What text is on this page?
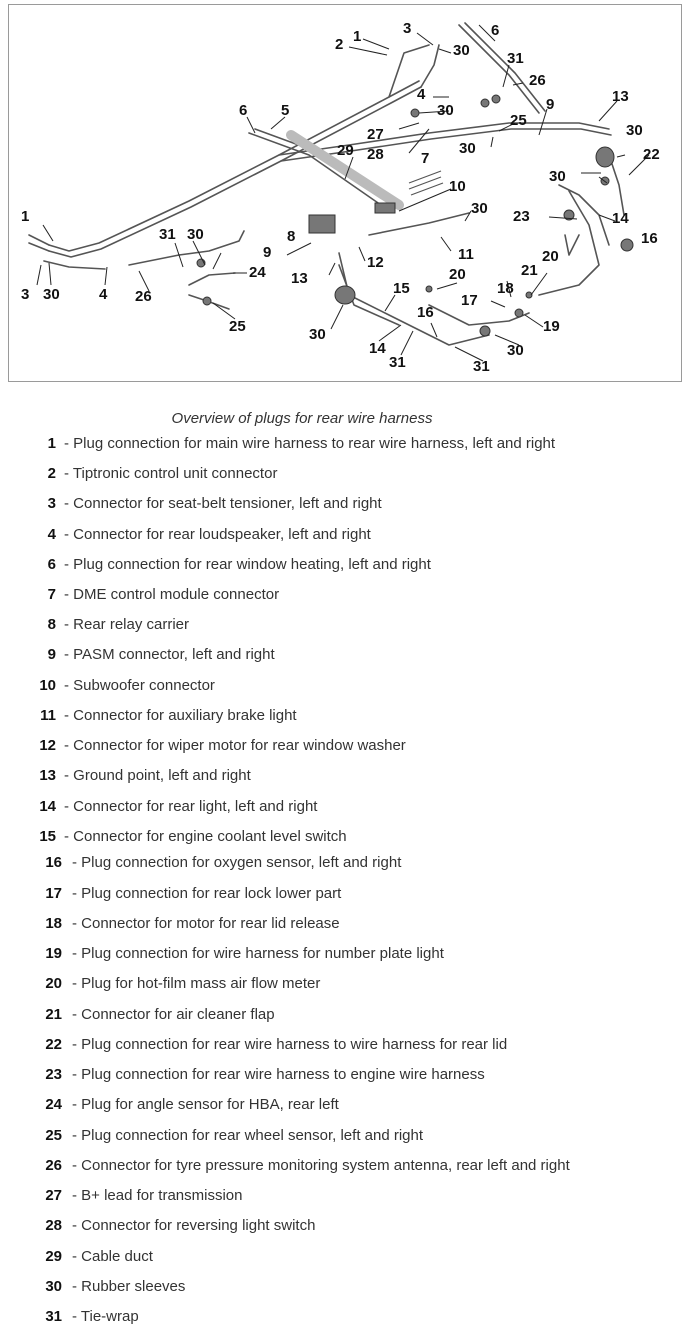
1
2
3
30
6
31
26
4
30	9	13
30
27
25
28	30
30
22
29	7
30
10
1
30
23	14
31 30	8	16
20
9	11
12
13
24	20	21
3	4 26	15	18
17
19
25
16
30
14
31
30
31
6 5
Overview of plugs for rear wire harness
1 - Plug connection for main wire harness to rear wire harness, left and right
2 - Tiptronic control unit connector
3 - Connector for seat-belt tensioner, left and right
4 - Connector for rear loudspeaker, left and right
6 - Plug connection for rear window heating, left and right
7 - DME control module connector
8 - Rear relay carrier
9 - PASM connector, left and right
10 - Subwoofer connector
11 - Connector for auxiliary brake light
12 - Connector for wiper motor for rear window washer
13 - Ground point, left and right
14 - Connector for rear light, left and right
15 - Connector for engine coolant level switch
16 - Plug connection for oxygen sensor, left and right
17 - Plug connection for rear lock lower part
18 - Connector for motor for rear lid release
19 - Plug connection for wire harness for number plate light
20 - Plug for hot-film mass air flow meter
21 - Connector for air cleaner flap
22 - Plug connection for rear wire harness to wire harness for rear lid
23 - Plug connection for rear wire harness to engine wire harness
24 - Plug for angle sensor for HBA, rear left
25 - Plug connection for rear wheel sensor, left and right
26 - Connector for tyre pressure monitoring system antenna, rear left and right
27 - B+ lead for transmission
28 - Connector for reversing light switch
29 - Cable duct
30 - Rubber sleeves
31 - Tie-wrap
